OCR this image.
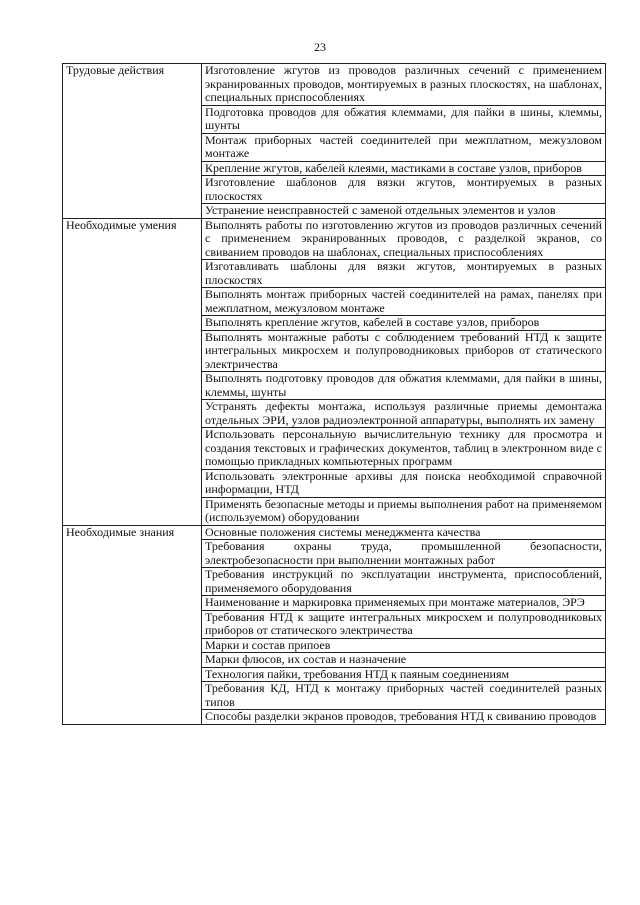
23
Трудовые действия	Изготовление жгутов из проводов различных сечений с применением экранированных проводов, монтируемых в разных плоскостях, на шаблонах, специальных приспособлениях
	Подготовка проводов для обжатия клеммами, для пайки в шины, клеммы, шунты
	Монтаж приборных частей соединителей при межплатном, межузловом монтаже
	Крепление жгутов, кабелей клеями, мастиками в составе узлов, приборов
	Изготовление шаблонов для вязки жгутов, монтируемых в разных плоскостях
	Устранение неисправностей с заменой отдельных элементов и узлов
Необходимые умения	Выполнять работы по изготовлению жгутов из проводов различных сечений с применением экранированных проводов, с разделкой экранов, со свиванием проводов на шаблонах, специальных приспособлениях
	Изготавливать шаблоны для вязки жгутов, монтируемых в разных плоскостях
	Выполнять монтаж приборных частей соединителей на рамах, панелях при межплатном, межузловом монтаже
	Выполнять крепление жгутов, кабелей в составе узлов, приборов
	Выполнять монтажные работы с соблюдением требований НТД к защите интегральных микросхем и полупроводниковых приборов от статического электричества
	Выполнять подготовку проводов для обжатия клеммами, для пайки в шины, клеммы, шунты
	Устранять дефекты монтажа, используя различные приемы демонтажа отдельных ЭРИ, узлов радиоэлектронной аппаратуры, выполнять их замену
	Использовать персональную вычислительную технику для просмотра и создания текстовых и графических документов, таблиц в электронном виде с помощью прикладных компьютерных программ
	Использовать электронные архивы для поиска необходимой справочной информации, НТД
	Применять безопасные методы и приемы выполнения работ на применяемом (используемом) оборудовании
Необходимые знания	Основные положения системы менеджмента качества
	Требования охраны труда, промышленной безопасности, электробезопасности при выполнении монтажных работ
	Требования инструкций по эксплуатации инструмента, приспособлений, применяемого оборудования
	Наименование и маркировка применяемых при монтаже материалов, ЭРЭ
	Требования НТД к защите интегральных микросхем и полупроводниковых приборов от статического электричества
	Марки и состав припоев
	Марки флюсов, их состав и назначение
	Технология пайки, требования НТД к паяным соединениям
	Требования КД, НТД к монтажу приборных частей соединителей разных типов
	Способы разделки экранов проводов, требования НТД к свиванию проводов
